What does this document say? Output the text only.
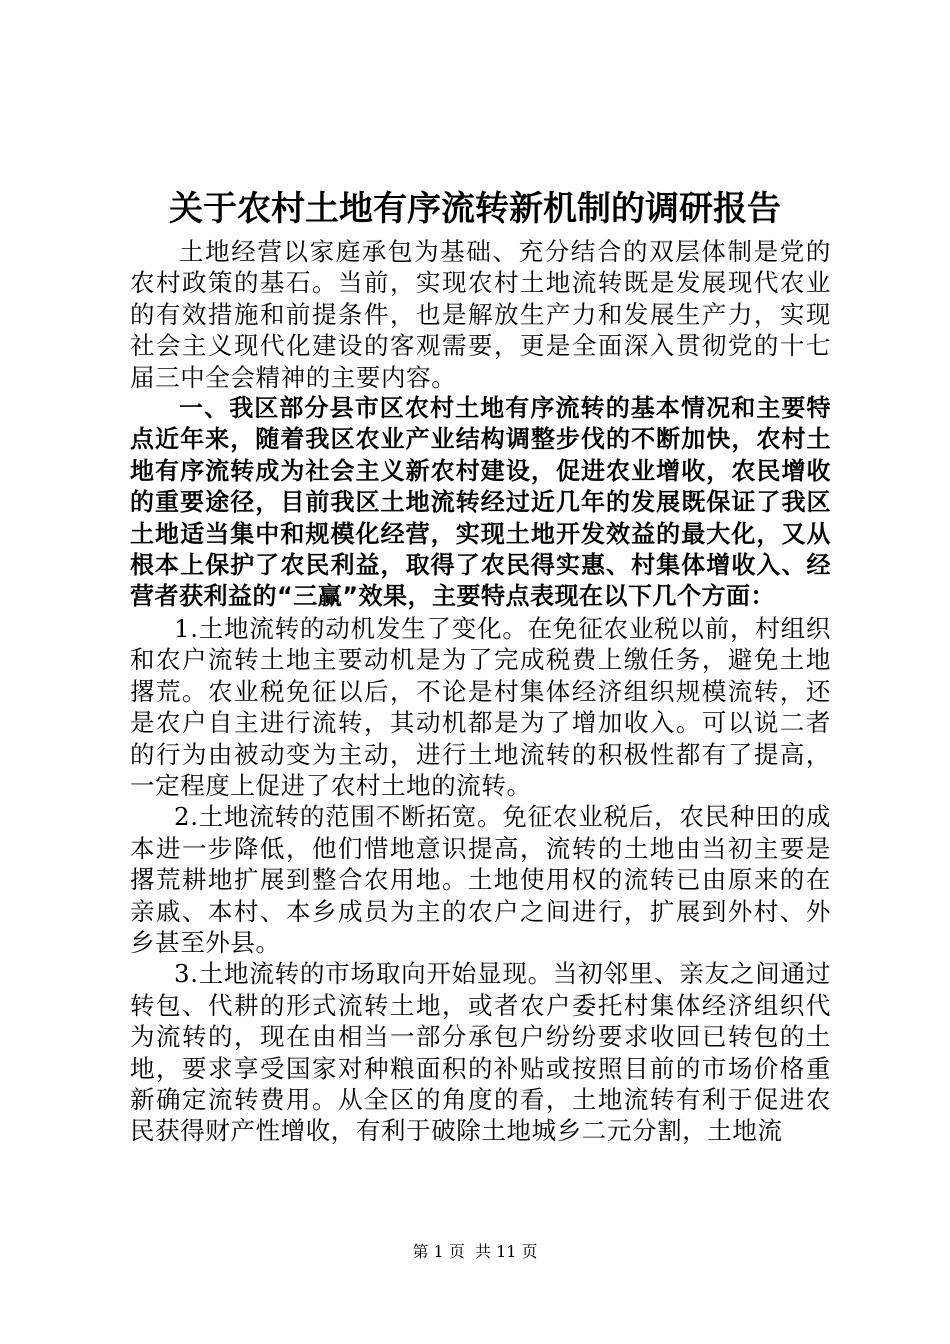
关于农村土地有序流转新机制的调研报告

土地经营以家庭承包为基础、充分结合的双层体制是党的农村政策的基石。当前，实现农村土地流转既是发展现代农业的有效措施和前提条件，也是解放生产力和发展生产力，实现社会主义现代化建设的客观需要，更是全面深入贯彻党的十七届三中全会精神的主要内容。

一、我区部分县市区农村土地有序流转的基本情况和主要特点近年来，随着我区农业产业结构调整步伐的不断加快，农村土地有序流转成为社会主义新农村建设，促进农业增收，农民增收的重要途径，目前我区土地流转经过近几年的发展既保证了我区土地适当集中和规模化经营，实现土地开发效益的最大化，又从根本上保护了农民利益，取得了农民得实惠、村集体增收入、经营者获利益的“三赢”效果，主要特点表现在以下几个方面：

1.土地流转的动机发生了变化。在免征农业税以前，村组织和农户流转土地主要动机是为了完成税费上缴任务，避免土地撂荒。农业税免征以后，不论是村集体经济组织规模流转，还是农户自主进行流转，其动机都是为了增加收入。可以说二者的行为由被动变为主动，进行土地流转的积极性都有了提高，一定程度上促进了农村土地的流转。

2.土地流转的范围不断拓宽。免征农业税后，农民种田的成本进一步降低，他们惜地意识提高，流转的土地由当初主要是撂荒耕地扩展到整合农用地。土地使用权的流转已由原来的在亲戚、本村、本乡成员为主的农户之间进行，扩展到外村、外乡甚至外县。

3.土地流转的市场取向开始显现。当初邻里、亲友之间通过转包、代耕的形式流转土地，或者农户委托村集体经济组织代为流转的，现在由相当一部分承包户纷纷要求收回已转包的土地，要求享受国家对种粮面积的补贴或按照目前的市场价格重新确定流转费用。从全区的角度的看，土地流转有利于促进农民获得财产性增收，有利于破除土地城乡二元分割，土地流

第 1 页  共 11 页
